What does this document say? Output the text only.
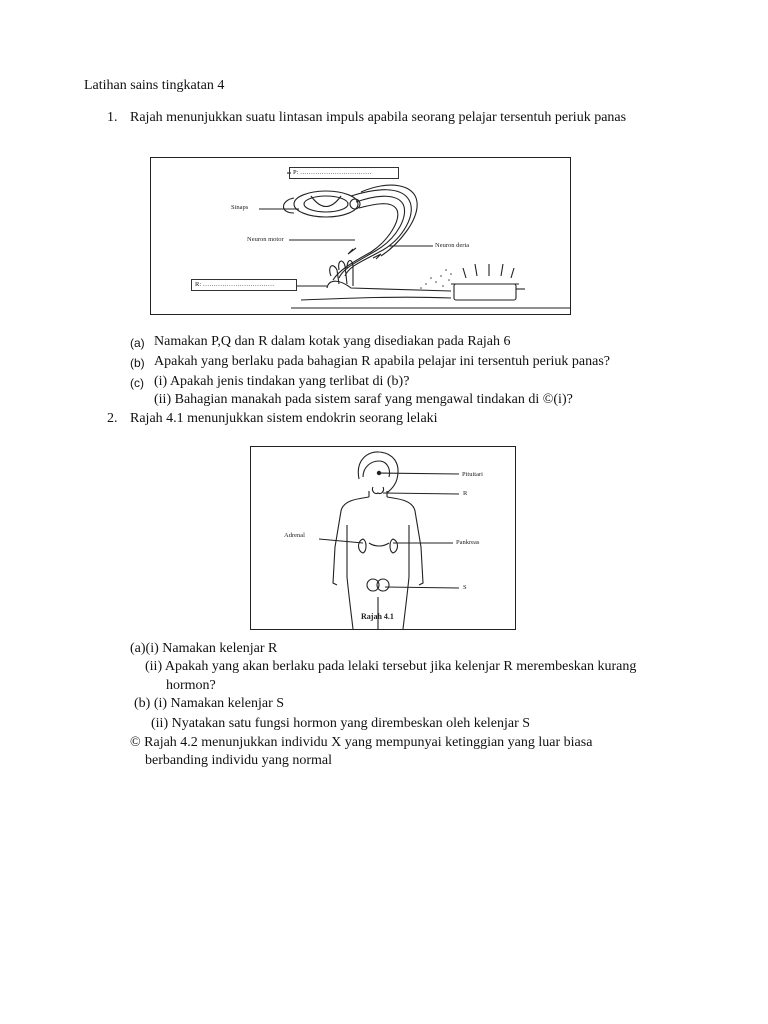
Latihan sains tingkatan 4
1. Rajah menunjukkan suatu lintasan impuls apabila seorang pelajar tersentuh periuk panas
P: ……………………………
R: ……………………………
Sinaps
Neuron motor
Neuron deria
(a) Namakan P,Q dan R dalam kotak yang disediakan pada Rajah 6
(b) Apakah yang berlaku pada bahagian R apabila pelajar ini tersentuh periuk panas?
(c) (i) Apakah jenis tindakan yang terlibat di (b)?
(ii) Bahagian manakah pada sistem saraf yang mengawal tindakan di ©(i)?
2. Rajah 4.1 menunjukkan sistem endokrin seorang lelaki
Pituitari
R
Adrenal
Pankreas
S
Rajah 4.1
(a)(i) Namakan kelenjar R
(ii) Apakah yang akan berlaku pada lelaki tersebut jika kelenjar R merembeskan kurang
hormon?
(b) (i) Namakan kelenjar S
(ii) Nyatakan satu fungsi hormon yang dirembeskan oleh kelenjar S
© Rajah 4.2 menunjukkan individu X yang mempunyai ketinggian yang luar biasa
berbanding individu yang normal
